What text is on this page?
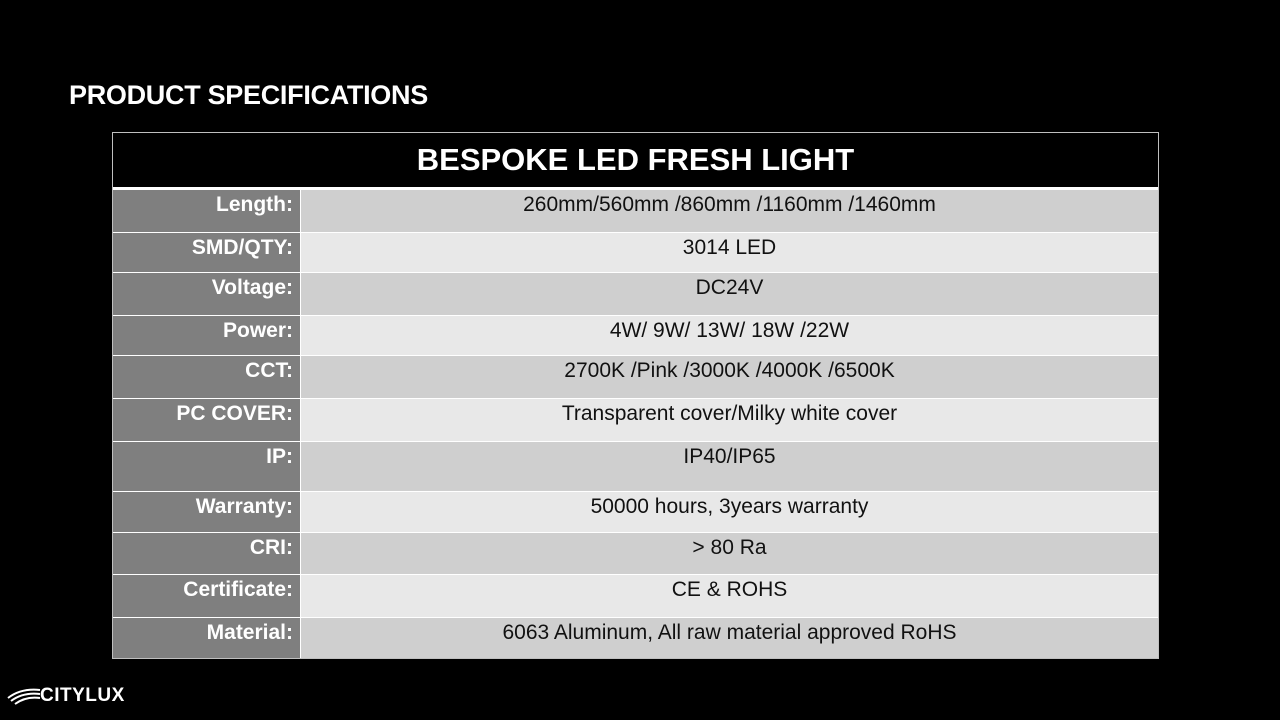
PRODUCT SPECIFICATIONS
BESPOKE LED FRESH LIGHT
Length:	260mm/560mm /860mm /1160mm /1460mm
SMD/QTY:	3014 LED
Voltage:	DC24V
Power:	4W/ 9W/ 13W/ 18W /22W
CCT:	2700K /Pink /3000K /4000K /6500K
PC COVER:	Transparent cover/Milky white cover
IP:	IP40/IP65
Warranty:	50000 hours, 3years warranty
CRI:	> 80 Ra
Certificate:	CE & ROHS
Material:	6063 Aluminum, All raw material approved RoHS
CITYLUX
